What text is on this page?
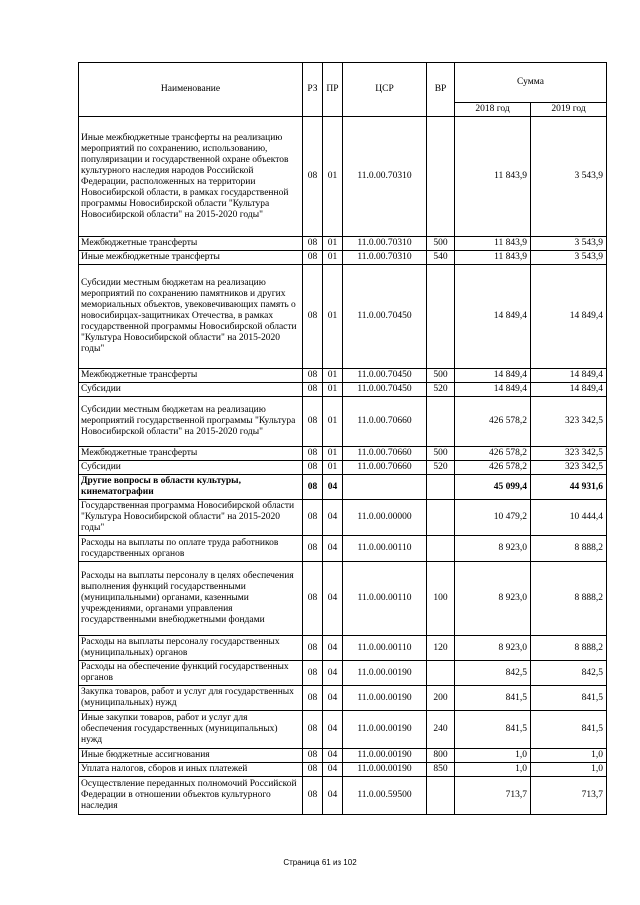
Наименование	РЗ	ПР	ЦСР	ВР	Сумма	
					2018 год	2019 год
Иные межбюджетные трансферты на реализацию мероприятий по сохранению, использованию, популяризации и государственной охране объектов культурного наследия народов Российской Федерации, расположенных на территории Новосибирской области, в рамках государственной программы Новосибирской области "Культура Новосибирской области" на 2015-2020 годы"	08	01	11.0.00.70310		11 843,9	3 543,9
Межбюджетные трансферты	08	01	11.0.00.70310	500	11 843,9	3 543,9
Иные межбюджетные трансферты	08	01	11.0.00.70310	540	11 843,9	3 543,9
Субсидии местным бюджетам на реализацию мероприятий по сохранению памятников и других мемориальных объектов, увековечивающих память о новосибирцах-защитниках Отечества, в рамках государственной программы Новосибирской области "Культура Новосибирской области" на 2015-2020 годы"	08	01	11.0.00.70450		14 849,4	14 849,4
Межбюджетные трансферты	08	01	11.0.00.70450	500	14 849,4	14 849,4
Субсидии	08	01	11.0.00.70450	520	14 849,4	14 849,4
Субсидии местным бюджетам на реализацию мероприятий государственной программы "Культура Новосибирской области" на 2015-2020 годы"	08	01	11.0.00.70660		426 578,2	323 342,5
Межбюджетные трансферты	08	01	11.0.00.70660	500	426 578,2	323 342,5
Субсидии	08	01	11.0.00.70660	520	426 578,2	323 342,5
Другие вопросы в области культуры, кинематографии	08	04			45 099,4	44 931,6
Государственная программа Новосибирской области "Культура Новосибирской области" на 2015-2020 годы"	08	04	11.0.00.00000		10 479,2	10 444,4
Расходы на выплаты по оплате труда работников государственных органов	08	04	11.0.00.00110		8 923,0	8 888,2
Расходы на выплаты персоналу в целях обеспечения выполнения функций государственными (муниципальными) органами, казенными учреждениями, органами управления государственными внебюджетными фондами	08	04	11.0.00.00110	100	8 923,0	8 888,2
Расходы на выплаты персоналу государственных (муниципальных) органов	08	04	11.0.00.00110	120	8 923,0	8 888,2
Расходы на обеспечение функций государственных органов	08	04	11.0.00.00190		842,5	842,5
Закупка товаров, работ и услуг для государственных (муниципальных) нужд	08	04	11.0.00.00190	200	841,5	841,5
Иные закупки товаров, работ и услуг для обеспечения государственных (муниципальных) нужд	08	04	11.0.00.00190	240	841,5	841,5
Иные бюджетные ассигнования	08	04	11.0.00.00190	800	1,0	1,0
Уплата налогов, сборов и иных платежей	08	04	11.0.00.00190	850	1,0	1,0
Осуществление переданных полномочий Российской Федерации в отношении объектов культурного наследия	08	04	11.0.00.59500		713,7	713,7
Страница 61 из 102
